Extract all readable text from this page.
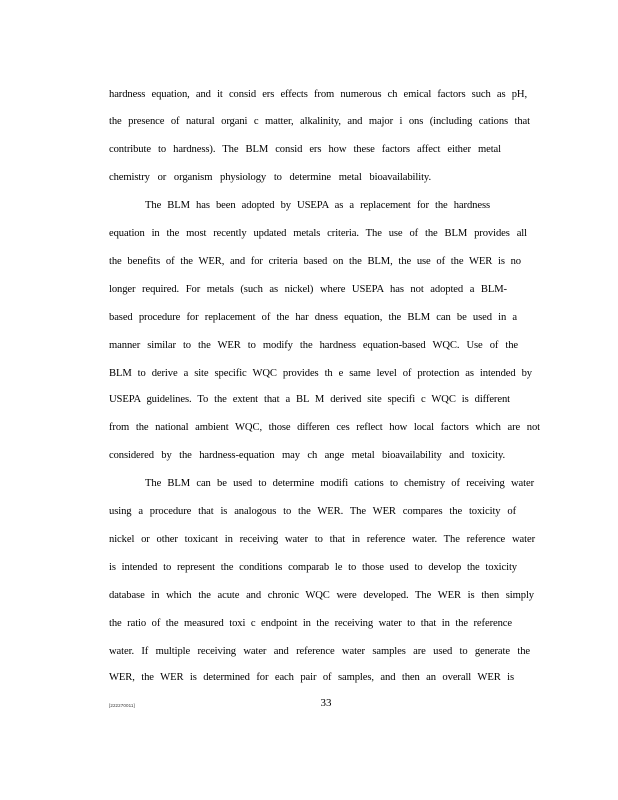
hardness equation, and it consid ers effects from numerous ch emical factors such as pH,
the presence of natural organi c matter, alkalinity, and major i ons (including cations that
contribute to hardness). The BLM consid ers how these factors affect either metal
chemistry or organism physiology to determine metal bioavailability.
The BLM has been adopted by USEPA as a replacement for the hardness
equation in the most recently updated metals criteria. The use of the BLM provides all
the benefits of the WER, and for criteria based on the BLM, the use of the WER is no
longer required. For metals (such as nickel) where USEPA has not adopted a BLM-
based procedure for replacement of the har dness equation, the BLM can be used in a
manner similar to the WER to modify the hardness equation-based WQC. Use of the
BLM to derive a site specific WQC provides th e same level of protection as intended by
USEPA guidelines. To the extent that a BL M derived site specifi c WQC is different
from the national ambient WQC, those differen ces reflect how local factors which are not
considered by the hardness-equation may ch ange metal bioavailability and toxicity.
The BLM can be used to determine modifi cations to chemistry of receiving water
using a procedure that is analogous to the WER. The WER compares the toxicity of
nickel or other toxicant in receiving water to that in reference water. The reference water
is intended to represent the conditions comparab le to those used to develop the toxicity
database in which the acute and chronic WQC were developed. The WER is then simply
the ratio of the measured toxi c endpoint in the receiving water to that in the reference
water. If multiple receiving water and reference water samples are used to generate the
WER, the WER is determined for each pair of samples, and then an overall WER is
[222270011]	33
